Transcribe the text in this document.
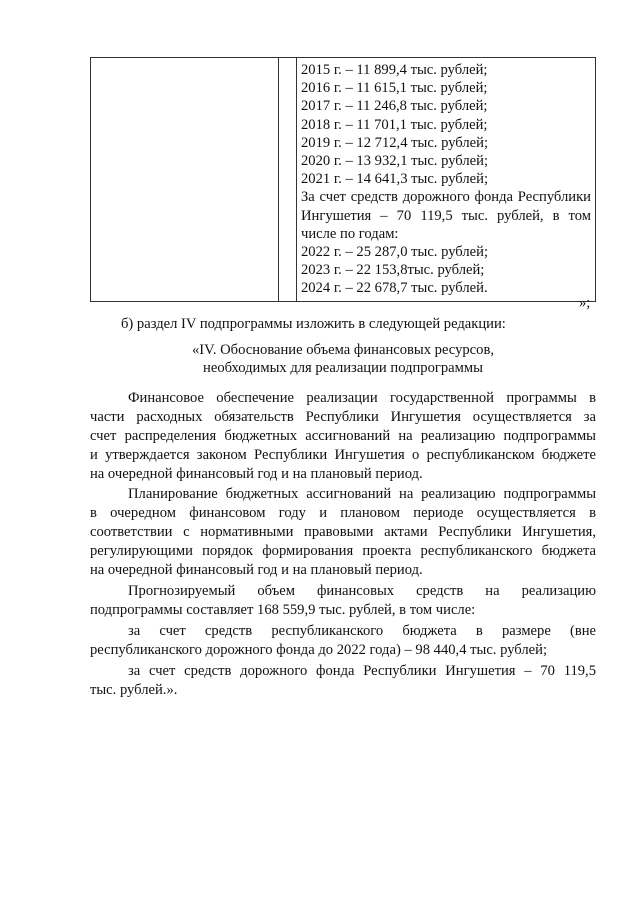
2015 г. – 11 899,4 тыс. рублей;
2016 г. – 11 615,1 тыс. рублей;
2017 г. – 11 246,8 тыс. рублей;
2018 г. – 11 701,1 тыс. рублей;
2019 г. – 12 712,4 тыс. рублей;
2020 г. – 13 932,1 тыс. рублей;
2021 г. – 14 641,3 тыс. рублей;
За счет средств дорожного фонда Республики
Ингушетия – 70 119,5 тыс. рублей, в том
числе по годам:
2022 г. – 25 287,0 тыс. рублей;
2023 г. – 22 153,8тыс. рублей;
2024 г. – 22 678,7 тыс. рублей.
»;
б) раздел IV подпрограммы изложить в следующей редакции:
«IV. Обоснование объема финансовых ресурсов,
необходимых для реализации подпрограммы
Финансовое обеспечение реализации государственной программы в
части расходных обязательств Республики Ингушетия осуществляется за
счет распределения бюджетных ассигнований на реализацию подпрограммы
и утверждается законом Республики Ингушетия о республиканском бюджете
на очередной финансовый год и на плановый период.
Планирование бюджетных ассигнований на реализацию подпрограммы
в очередном финансовом году и плановом периоде осуществляется в
соответствии с нормативными правовыми актами Республики Ингушетия,
регулирующими порядок формирования проекта республиканского бюджета
на очередной финансовый год и на плановый период.
Прогнозируемый объем финансовых средств на реализацию
подпрограммы составляет 168 559,9 тыс. рублей, в том числе:
за счет средств республиканского бюджета в размере (вне
республиканского дорожного фонда до 2022 года) – 98 440,4 тыс. рублей;
за счет средств дорожного фонда Республики Ингушетия – 70 119,5
тыс. рублей.».
